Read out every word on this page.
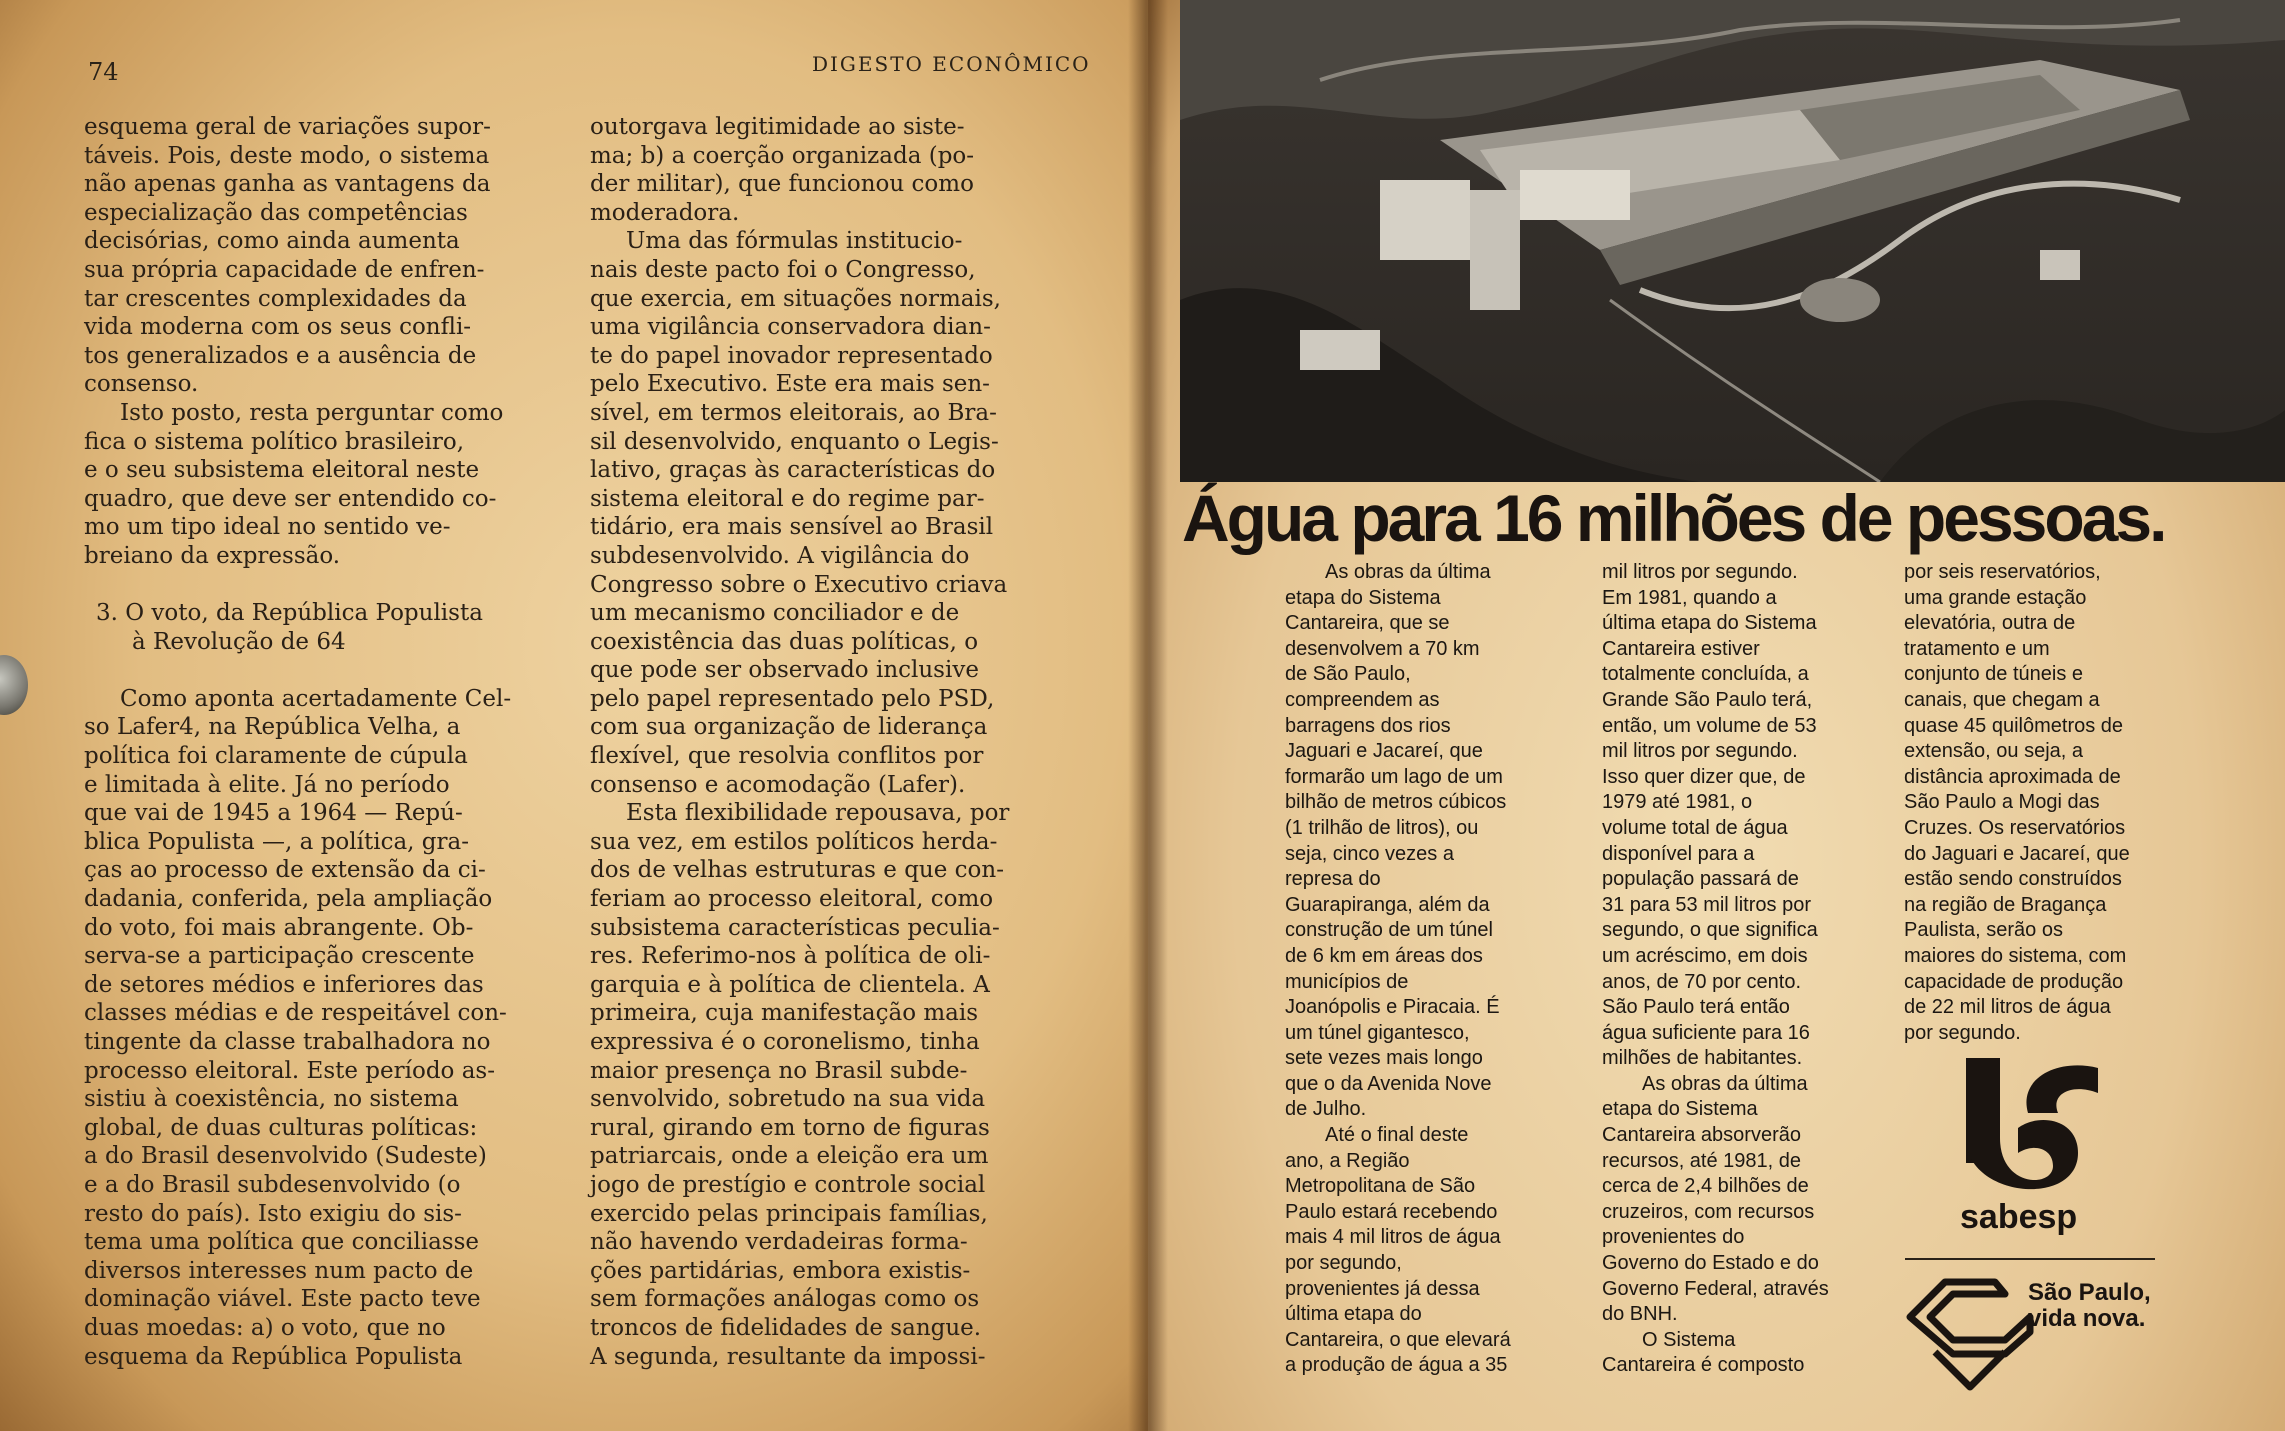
74	DIGESTO ECONÔMICO

esquema geral de variações supor-

táveis. Pois, deste modo, o sistema

não apenas ganha as vantagens da

especialização das competências

decisórias, como ainda aumenta

sua própria capacidade de enfren-

tar crescentes complexidades da

vida moderna com os seus confli-

tos generalizados e a ausência de

consenso.

Isto posto, resta perguntar como

fica o sistema político brasileiro,

e o seu subsistema eleitoral neste

quadro, que deve ser entendido co-

mo um tipo ideal no sentido ve-

breiano da expressão.

3. O voto, da República Populista

à Revolução de 64

Como aponta acertadamente Cel-

so Lafer4, na República Velha, a

política foi claramente de cúpula

e limitada à elite. Já no período

que vai de 1945 a 1964 — Repú-

blica Populista —, a política, gra-

ças ao processo de extensão da ci-

dadania, conferida, pela ampliação

do voto, foi mais abrangente. Ob-

serva-se a participação crescente

de setores médios e inferiores das

classes médias e de respeitável con-

tingente da classe trabalhadora no

processo eleitoral. Este período as-

sistiu à coexistência, no sistema

global, de duas culturas políticas:

a do Brasil desenvolvido (Sudeste)

e a do Brasil subdesenvolvido (o

resto do país). Isto exigiu do sis-

tema uma política que conciliasse

diversos interesses num pacto de

dominação viável. Este pacto teve

duas moedas: a) o voto, que no

esquema da República Populista

outorgava legitimidade ao siste-

ma; b) a coerção organizada (po-

der militar), que funcionou como

moderadora.

Uma das fórmulas instituciо-

nais deste pacto foi o Congresso,

que exercia, em situações normais,

uma vigilância conservadora dian-

te do papel inovador representado

pelo Executivo. Este era mais sen-

sível, em termos eleitorais, ao Bra-

sil desenvolvido, enquanto o Legis-

lativo, graças às características do

sistema eleitoral e do regime par-

tidário, era mais sensível ao Brasil

subdesenvolvido. A vigilância do

Congresso sobre o Executivo criava

um mecanismo conciliador e de

coexistência das duas políticas, o

que pode ser observado inclusive

pelo papel representado pelo PSD,

com sua organização de liderança

flexível, que resolvia conflitos por

consenso e acomodação (Lafer).

Esta flexibilidade repousava, por

sua vez, em estilos políticos herda-

dos de velhas estruturas e que con-

feriam ao processo eleitoral, como

subsistema características peculia-

res. Referimo-nos à política de oli-

garquia e à política de clientela. A

primeira, cuja manifestação mais

expressiva é o coronelismo, tinha

maior presença no Brasil subde-

senvolvido, sobretudo na sua vida

rural, girando em torno de figuras

patriarcais, onde a eleição era um

jogo de prestígio e controle social

exercido pelas principais famílias,

não havendo verdadeiras forma-

ções partidárias, embora existis-

sem formações análogas como os

troncos de fidelidades de sangue.

A segunda, resultante da impossi-

Água para 16 milhões de pessoas.

As obras da última

etapa do Sistema

Cantareira, que se

desenvolvem a 70 km

de São Paulo,

compreendem as

barragens dos rios

Jaguari e Jacareí, que

formarão um lago de um

bilhão de metros cúbicos

(1 trilhão de litros), ou

seja, cinco vezes a

represa do

Guarapiranga, além da

construção de um túnel

de 6 km em áreas dos

municípios de

Joanópolis e Piracaia. É

um túnel gigantesco,

sete vezes mais longo

que o da Avenida Nove

de Julho.

Até o final deste

ano, a Região

Metropolitana de São

Paulo estará recebendo

mais 4 mil litros de água

por segundo,

provenientes já dessa

última etapa do

Cantareira, o que elevará

a produção de água a 35

mil litros por segundo.

Em 1981, quando a

última etapa do Sistema

Cantareira estiver

totalmente concluída, a

Grande São Paulo terá,

então, um volume de 53

mil litros por segundo.

Isso quer dizer que, de

1979 até 1981, o

volume total de água

disponível para a

população passará de

31 para 53 mil litros por

segundo, o que significa

um acréscimo, em dois

anos, de 70 por cento.

São Paulo terá então

água suficiente para 16

milhões de habitantes.

As obras da última

etapa do Sistema

Cantareira absorverão

recursos, até 1981, de

cerca de 2,4 bilhões de

cruzeiros, com recursos

provenientes do

Governo do Estado e do

Governo Federal, através

do BNH.

O Sistema

Cantareira é composto

por seis reservatórios,

uma grande estação

elevatória, outra de

tratamento e um

conjunto de túneis e

canais, que chegam a

quase 45 quilômetros de

extensão, ou seja, a

distância aproximada de

São Paulo a Mogi das

Cruzes. Os reservatórios

do Jaguari e Jacareí, que

estão sendo construídos

na região de Bragança

Paulista, serão os

maiores do sistema, com

capacidade de produção

de 22 mil litros de água

por segundo.

sabesp
São Paulo,
vida nova.
